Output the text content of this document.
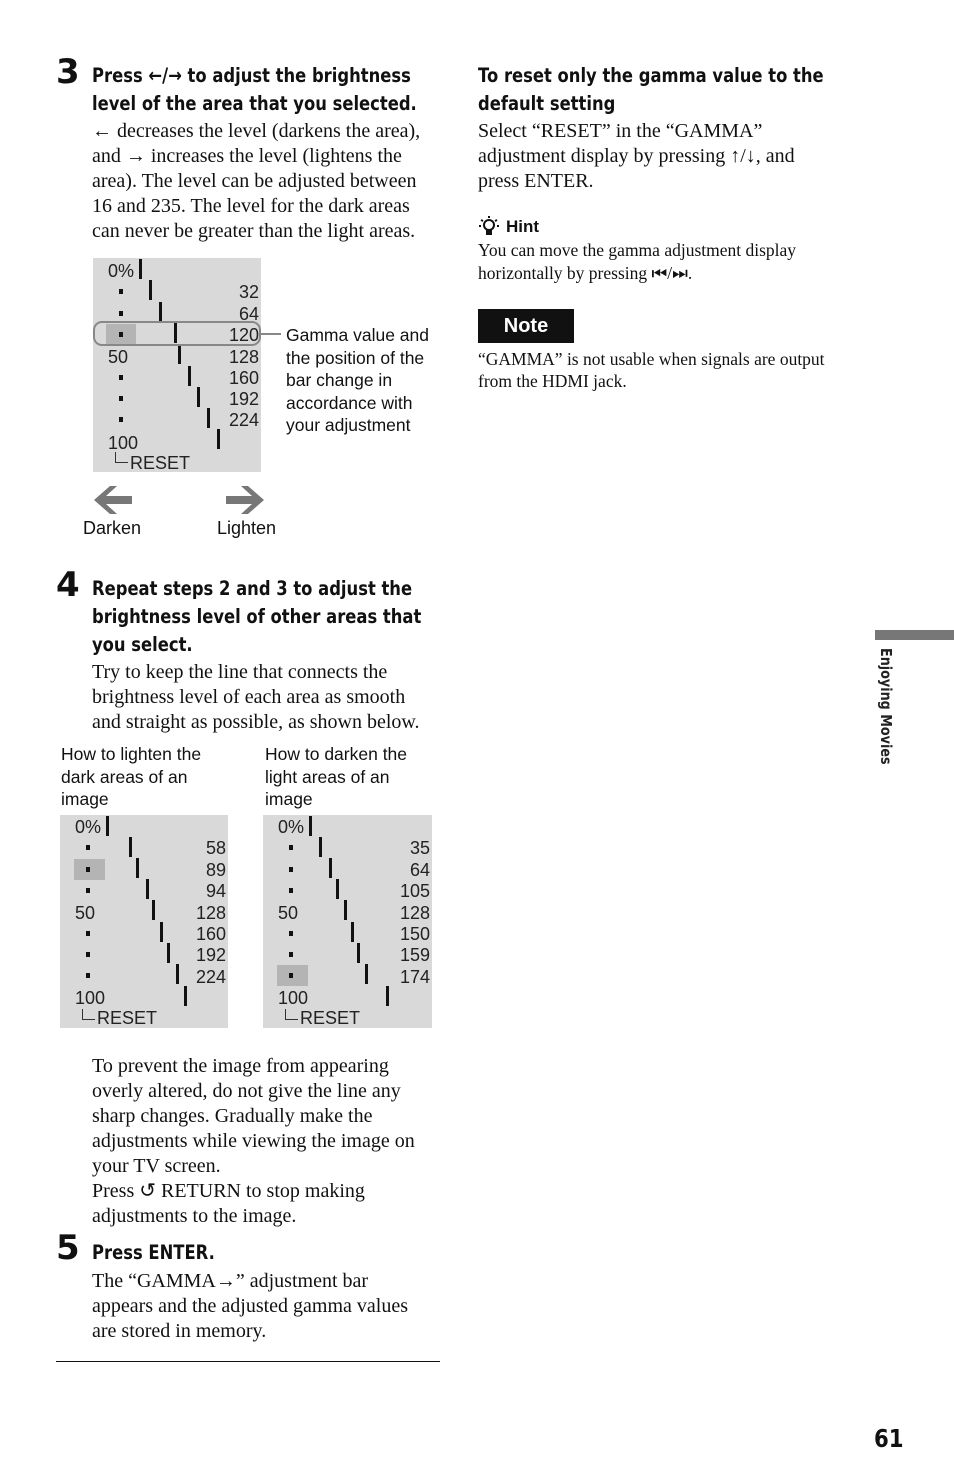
3 Press ←/→ to adjust the brightness
level of the area that you selected.
← decreases the level (darkens the area),
and → increases the level (lightens the
area). The level can be adjusted between
16 and 235. The level for the dark areas
can never be greater than the light areas.
0%
32
64
120
50	128
160
192
224
100
RESET
Gamma value and
the position of the
bar change in
accordance with
your adjustment
Darken	Lighten
4 Repeat steps 2 and 3 to adjust the
brightness level of other areas that
you select.
Try to keep the line that connects the
brightness level of each area as smooth
and straight as possible, as shown below.
How to lighten the
dark areas of an
image
How to darken the
light areas of an
image
0%
58
89
94
50	128
160
192
224
100
RESET
0%
35
64
105
50	128
150
159
174
100
RESET
To prevent the image from appearing
overly altered, do not give the line any
sharp changes. Gradually make the
adjustments while viewing the image on
your TV screen.
Press ↺ RETURN to stop making
adjustments to the image.
5 Press ENTER.
The “GAMMA→” adjustment bar
appears and the adjusted gamma values
are stored in memory.
To reset only the gamma value to the
default setting
Select “RESET” in the “GAMMA”
adjustment display by pressing ↑/↓, and
press ENTER.
Hint
You can move the gamma adjustment display
horizontally by pressing ⏮/⏭.
Note
“GAMMA” is not usable when signals are output
from the HDMI jack.
Enjoying Movies
61
